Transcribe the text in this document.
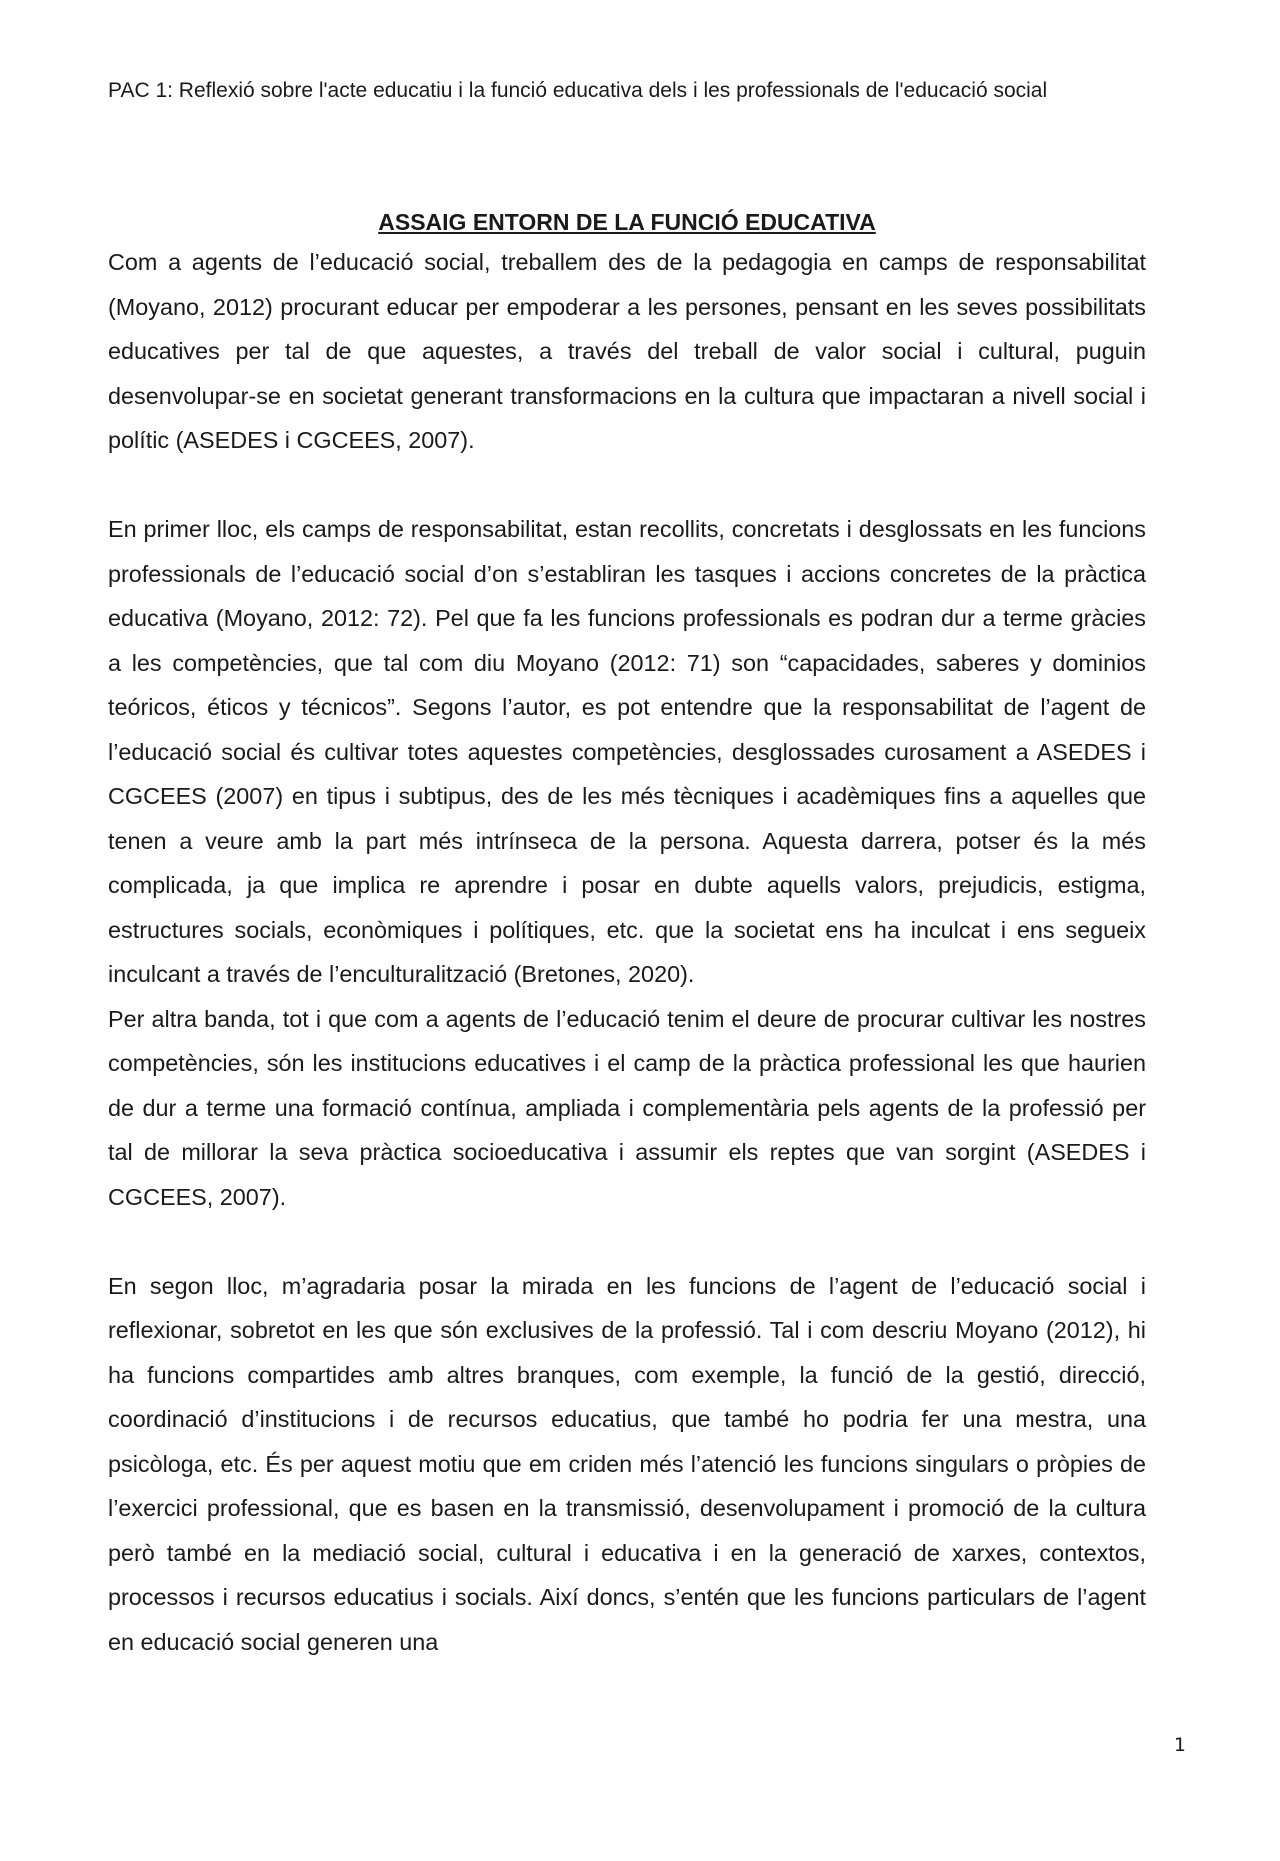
PAC 1: Reflexió sobre l'acte educatiu i la funció educativa dels i les professionals de l'educació social
ASSAIG ENTORN DE LA FUNCIÓ EDUCATIVA

Com a agents de l’educació social, treballem des de la pedagogia en camps de responsabilitat (Moyano, 2012) procurant educar per empoderar a les persones, pensant en les seves possibilitats educatives per tal de que aquestes, a través del treball de valor social i cultural, puguin desenvolupar-se en societat generant transformacions en la cultura que impactaran a nivell social i polític (ASEDES i CGCEES, 2007).

En primer lloc, els camps de responsabilitat, estan recollits, concretats i desglossats en les funcions professionals de l’educació social d’on s’establiran les tasques i accions concretes de la pràctica educativa (Moyano, 2012: 72). Pel que fa les funcions professionals es podran dur a terme gràcies a les competències, que tal com diu Moyano (2012: 71) son “capacidades, saberes y dominios teóricos, éticos y técnicos”. Segons l’autor, es pot entendre que la responsabilitat de l’agent de l’educació social és cultivar totes aquestes competències, desglossades curosament a ASEDES i CGCEES (2007) en tipus i subtipus, des de les més tècniques i acadèmiques fins a aquelles que tenen a veure amb la part més intrínseca de la persona. Aquesta darrera, potser és la més complicada, ja que implica re aprendre i posar en dubte aquells valors, prejudicis, estigma, estructures socials, econòmiques i polítiques, etc. que la societat ens ha inculcat i ens segueix inculcant a través de l’enculturalització (Bretones, 2020).

Per altra banda, tot i que com a agents de l’educació tenim el deure de procurar cultivar les nostres competències, són les institucions educatives i el camp de la pràctica professional les que haurien de dur a terme una formació contínua, ampliada i complementària pels agents de la professió per tal de millorar la seva pràctica socioeducativa i assumir els reptes que van sorgint (ASEDES i CGCEES, 2007).

En segon lloc, m’agradaria posar la mirada en les funcions de l’agent de l’educació social i reflexionar, sobretot en les que són exclusives de la professió. Tal i com descriu Moyano (2012), hi ha funcions compartides amb altres branques, com exemple, la funció de la gestió, direcció, coordinació d’institucions i de recursos educatius, que també ho podria fer una mestra, una psicòloga, etc. És per aquest motiu que em criden més l’atenció les funcions singulars o pròpies de l’exercici professional, que es basen en la transmissió, desenvolupament i promoció de la cultura però també en la mediació social, cultural i educativa i en la generació de xarxes, contextos, processos i recursos educatius i socials. Així doncs, s’entén que les funcions particulars de l’agent en educació social generen una

1
